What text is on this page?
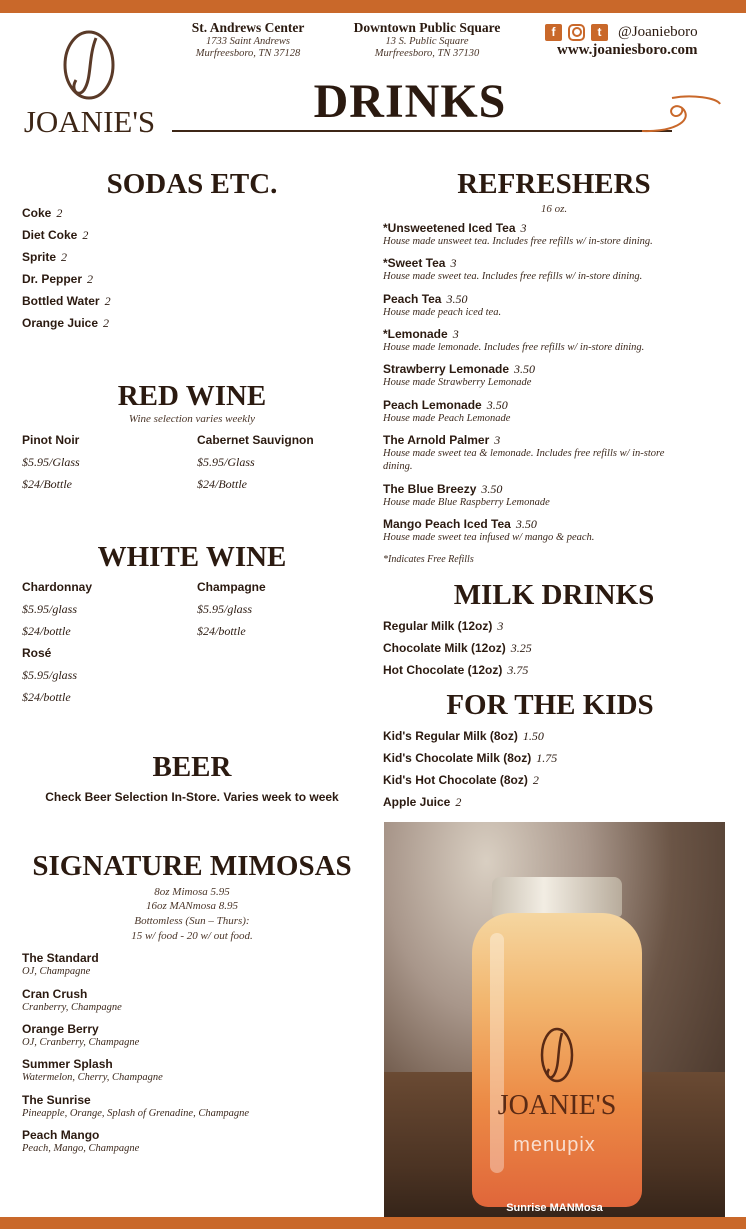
JOANIE'S
St. Andrews Center
1733 Saint Andrews
Murfreesboro, TN 37128
Downtown Public Square
13 S. Public Square
Murfreesboro, TN 37130
f	t	@Joanieboro
www.joaniesboro.com
DRINKS
SODAS ETC.
Coke 2
Diet Coke 2
Sprite 2
Dr. Pepper 2
Bottled Water 2
Orange Juice 2
RED WINE
Wine selection varies weekly
Pinot Noir
$5.95/Glass
$24/Bottle
Cabernet Sauvignon
$5.95/Glass
$24/Bottle
WHITE WINE
Chardonnay
$5.95/glass
$24/bottle
Champagne
$5.95/glass
$24/bottle
Rosé
$5.95/glass
$24/bottle
BEER
Check Beer Selection In-Store. Varies week to week
SIGNATURE MIMOSAS
8oz Mimosa 5.95
16oz MANmosa 8.95
Bottomless (Sun – Thurs):
15 w/ food - 20 w/ out food.
The Standard
OJ, Champagne
Cran Crush
Cranberry, Champagne
Orange Berry
OJ, Cranberry, Champagne
Summer Splash
Watermelon, Cherry, Champagne
The Sunrise
Pineapple, Orange, Splash of Grenadine, Champagne
Peach Mango
Peach, Mango, Champagne
REFRESHERS
16 oz.
*Unsweetened Iced Tea 3
House made unsweet tea. Includes free refills w/ in-store dining.
*Sweet Tea 3
House made sweet tea. Includes free refills w/ in-store dining.
Peach Tea 3.50
House made peach iced tea.
*Lemonade 3
House made lemonade. Includes free refills w/ in-store dining.
Strawberry Lemonade 3.50
House made Strawberry Lemonade
Peach Lemonade 3.50
House made Peach Lemonade
The Arnold Palmer 3
House made sweet tea & lemonade. Includes free refills w/ in-store
dining.
The Blue Breezy 3.50
House made Blue Raspberry Lemonade
Mango Peach Iced Tea 3.50
House made sweet tea infused w/ mango & peach.
*Indicates Free Refills
MILK DRINKS
Regular Milk (12oz) 3
Chocolate Milk (12oz) 3.25
Hot Chocolate (12oz) 3.75
FOR THE KIDS
Kid's Regular Milk (8oz) 1.50
Kid's Chocolate Milk (8oz) 1.75
Kid's Hot Chocolate (8oz) 2
Apple Juice 2
JOANIE'S
menupix
Sunrise MANMosa
